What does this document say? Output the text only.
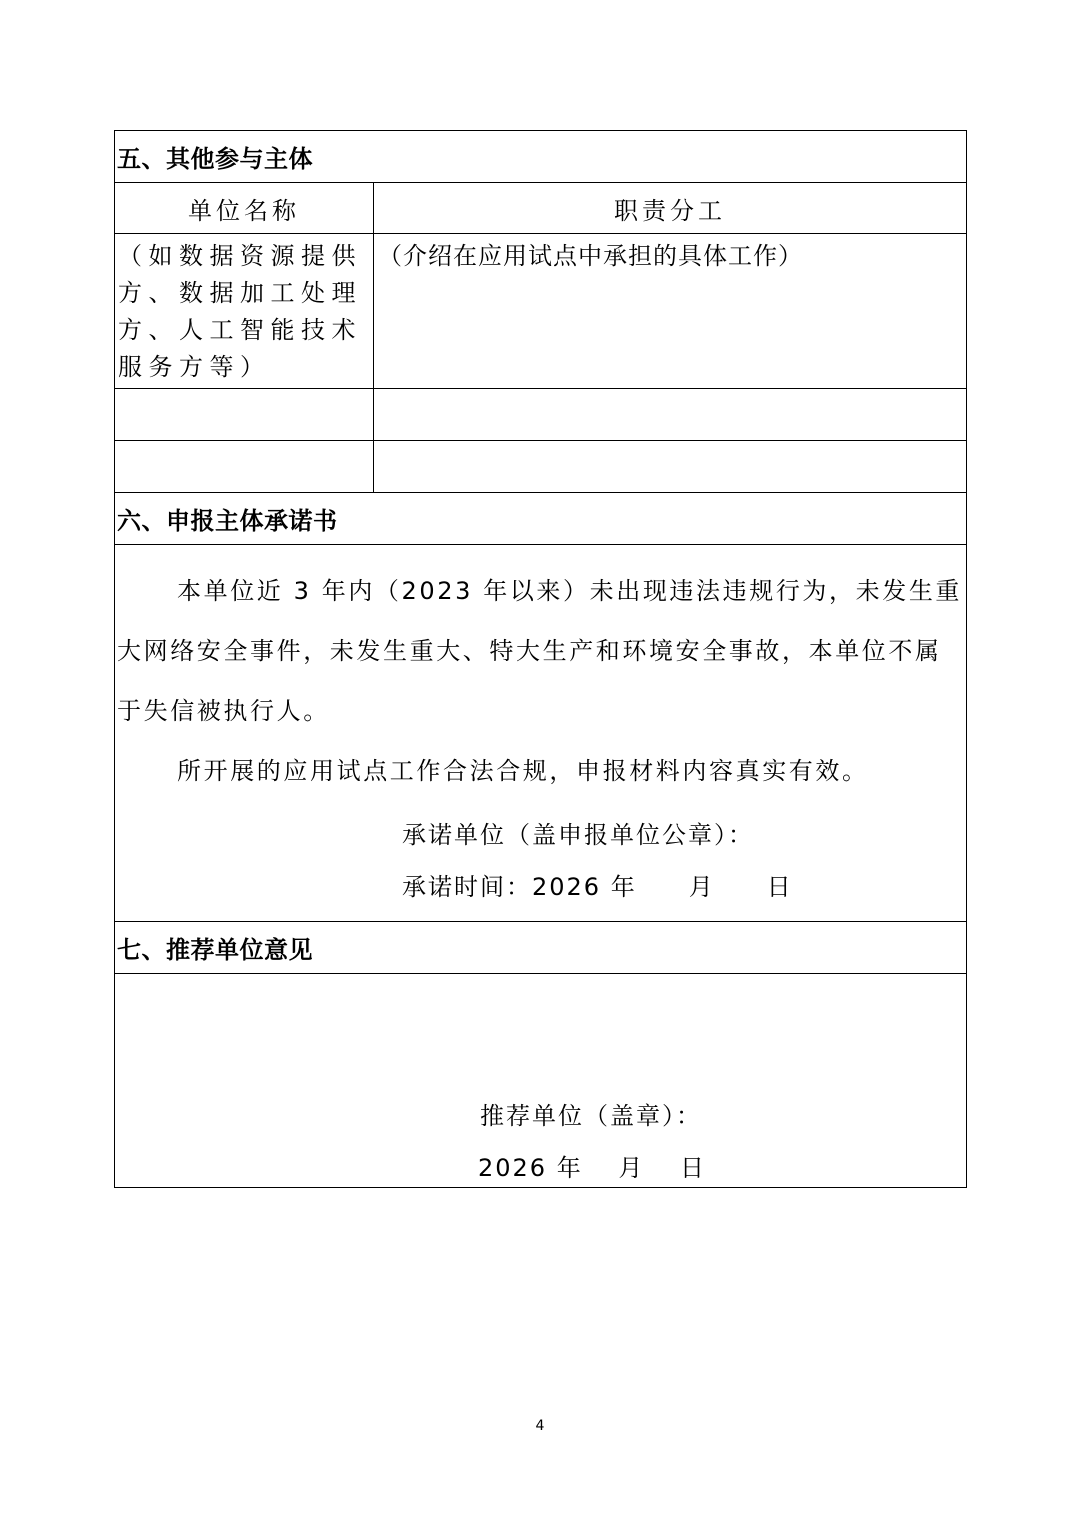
五、其他参与主体	
单位名称	职责分工
（如数据资源提供方、数据加工处理方、人工智能技术服务方等）	（介绍在应用试点中承担的具体工作）

六、申报主体承诺书	

本单位近 3 年内（2023 年以来）未出现违法违规行为，未发生重大网络安全事件，未发生重大、特大生产和环境安全事故，本单位不属于失信被执行人。

所开展的应用试点工作合法合规，申报材料内容真实有效。

承诺单位（盖申报单位公章）：
承诺时间：2026 年　　月　　日	

七、推荐单位意见	

推荐单位（盖章）：
2026 年　 月　 日	
4
